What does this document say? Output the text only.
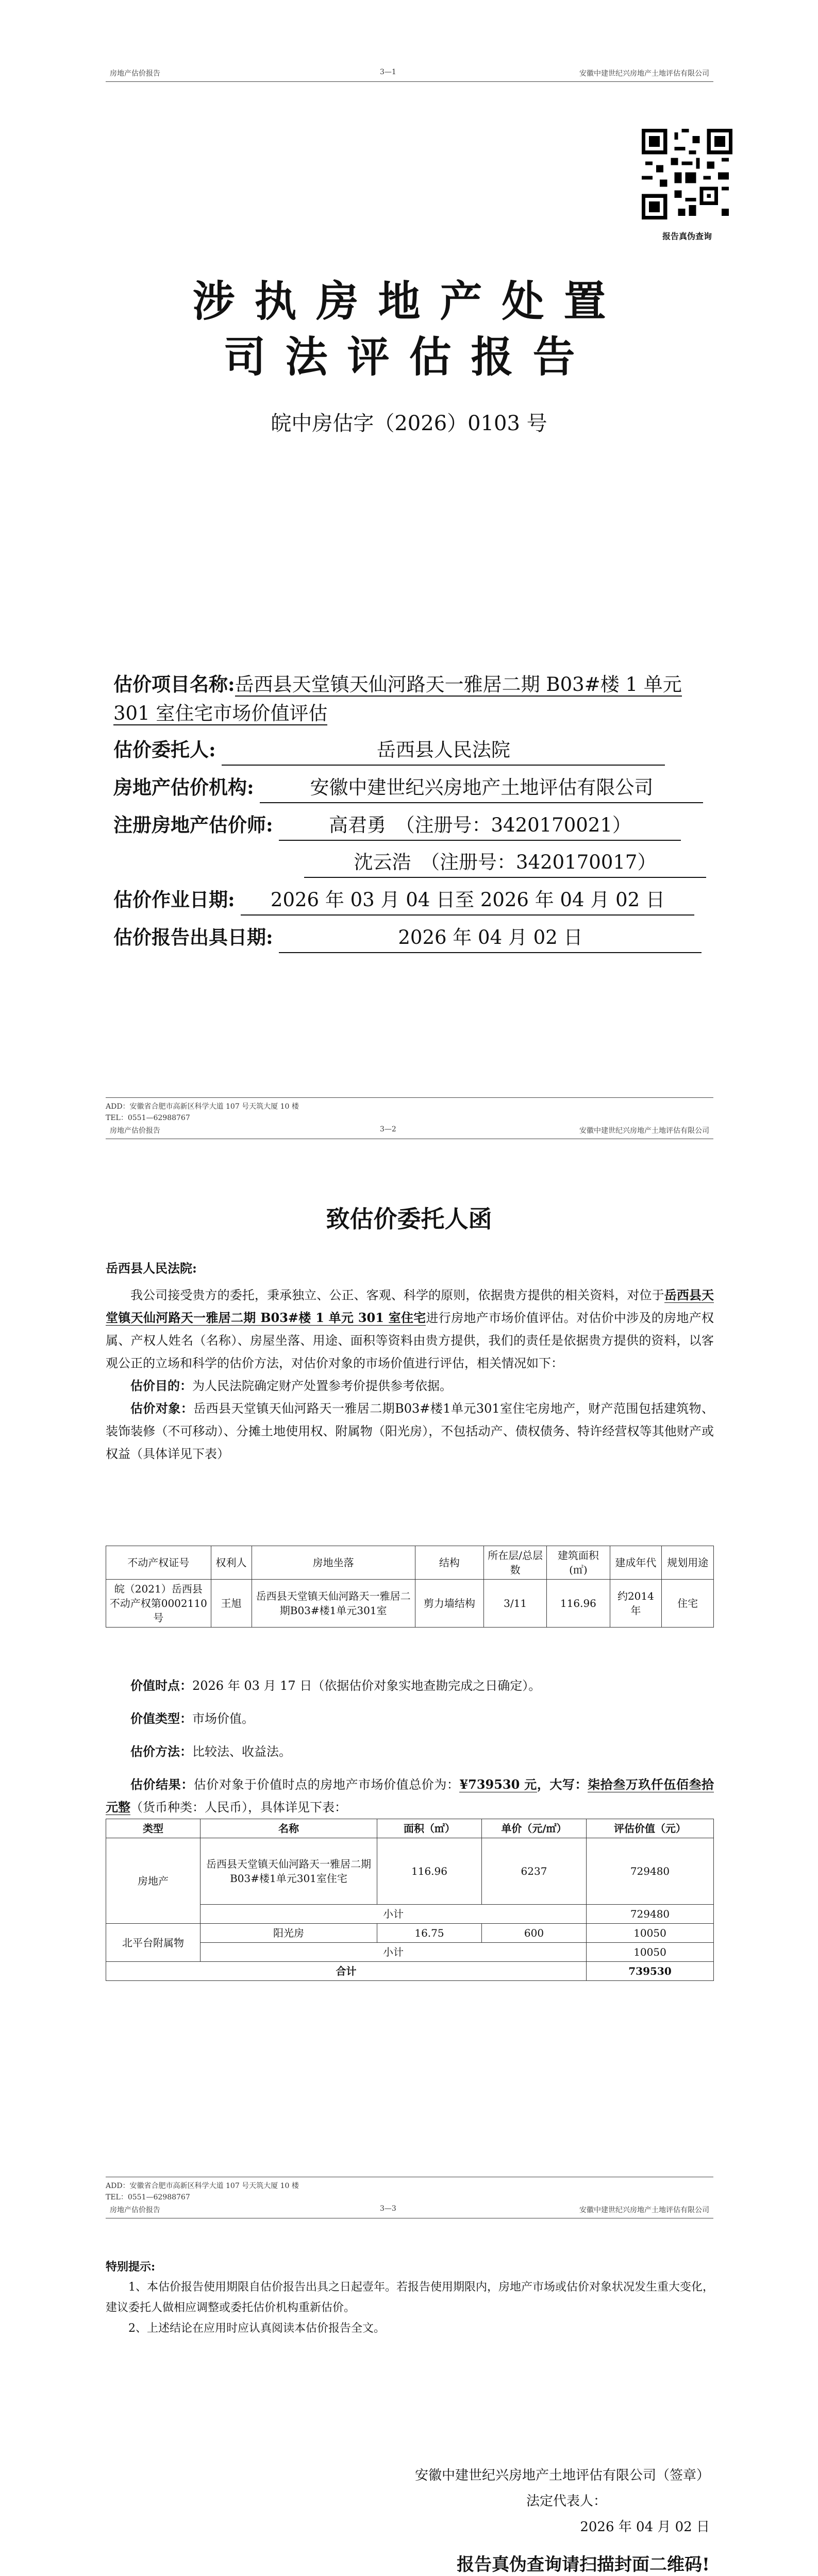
房地产估价报告	3—1	安徽中建世纪兴房地产土地评估有限公司
报告真伪查询
涉执房地产处置
司法评估报告
皖中房估字（2026）0103 号
估价项目名称:岳西县天堂镇天仙河路天一雅居二期 B03#楼 1 单元 301 室住宅市场价值评估
估价委托人:	岳西县人民法院
房地产估价机构:	安徽中建世纪兴房地产土地评估有限公司
注册房地产估价师:	高君勇　（注册号：3420170021）
沈云浩　（注册号：3420170017）
估价作业日期: 2026 年 03 月 04 日至 2026 年 04 月 02 日
估价报告出具日期:	2026 年 04 月 02 日
ADD：安徽省合肥市高新区科学大道 107 号天筑大厦 10 楼
TEL：0551—62988767
房地产估价报告	3—2	安徽中建世纪兴房地产土地评估有限公司
致估价委托人函
岳西县人民法院:
我公司接受贵方的委托，秉承独立、公正、客观、科学的原则，依据贵方提供的相关资料，对位于岳西县天堂镇天仙河路天一雅居二期 B03#楼 1 单元 301 室住宅进行房地产市场价值评估。对估价中涉及的房地产权属、产权人姓名（名称）、房屋坐落、用途、面积等资料由贵方提供，我们的责任是依据贵方提供的资料，以客观公正的立场和科学的估价方法，对估价对象的市场价值进行评估，相关情况如下：
估价目的：为人民法院确定财产处置参考价提供参考依据。
估价对象：岳西县天堂镇天仙河路天一雅居二期B03#楼1单元301室住宅房地产，财产范围包括建筑物、装饰装修（不可移动）、分摊土地使用权、附属物（阳光房），不包括动产、债权债务、特许经营权等其他财产或权益（具体详见下表）
不动产权证号	权利人	房地坐落	结构	所在层/总层数	建筑面积(㎡)	建成年代	规划用途
皖（2021）岳西县不动产权第0002110号	王旭	岳西县天堂镇天仙河路天一雅居二期B03#楼1单元301室	剪力墙结构	3/11	116.96	约2014年	住宅
价值时点：2026 年 03 月 17 日（依据估价对象实地查勘完成之日确定）。
价值类型：市场价值。
估价方法：比较法、收益法。
估价结果：估价对象于价值时点的房地产市场价值总价为：¥739530 元，大写：柒拾叁万玖仟伍佰叁拾元整（货币种类：人民币），具体详见下表：
类型	名称	面积（㎡）	单价（元/㎡）	评估价值（元）
房地产	岳西县天堂镇天仙河路天一雅居二期B03#楼1单元301室住宅	116.96	6237	729480
	小计			729480
北平台附属物	阳光房	16.75	600	10050
	小计			10050
合计				739530
ADD：安徽省合肥市高新区科学大道 107 号天筑大厦 10 楼
TEL：0551—62988767
房地产估价报告	3—3	安徽中建世纪兴房地产土地评估有限公司
特别提示:
1、本估价报告使用期限自估价报告出具之日起壹年。若报告使用期限内，房地产市场或估价对象状况发生重大变化，建议委托人做相应调整或委托估价机构重新估价。
2、上述结论在应用时应认真阅读本估价报告全文。
安徽中建世纪兴房地产土地评估有限公司（签章）
法定代表人：
2026 年 04 月 02 日
报告真伪查询请扫描封面二维码!
